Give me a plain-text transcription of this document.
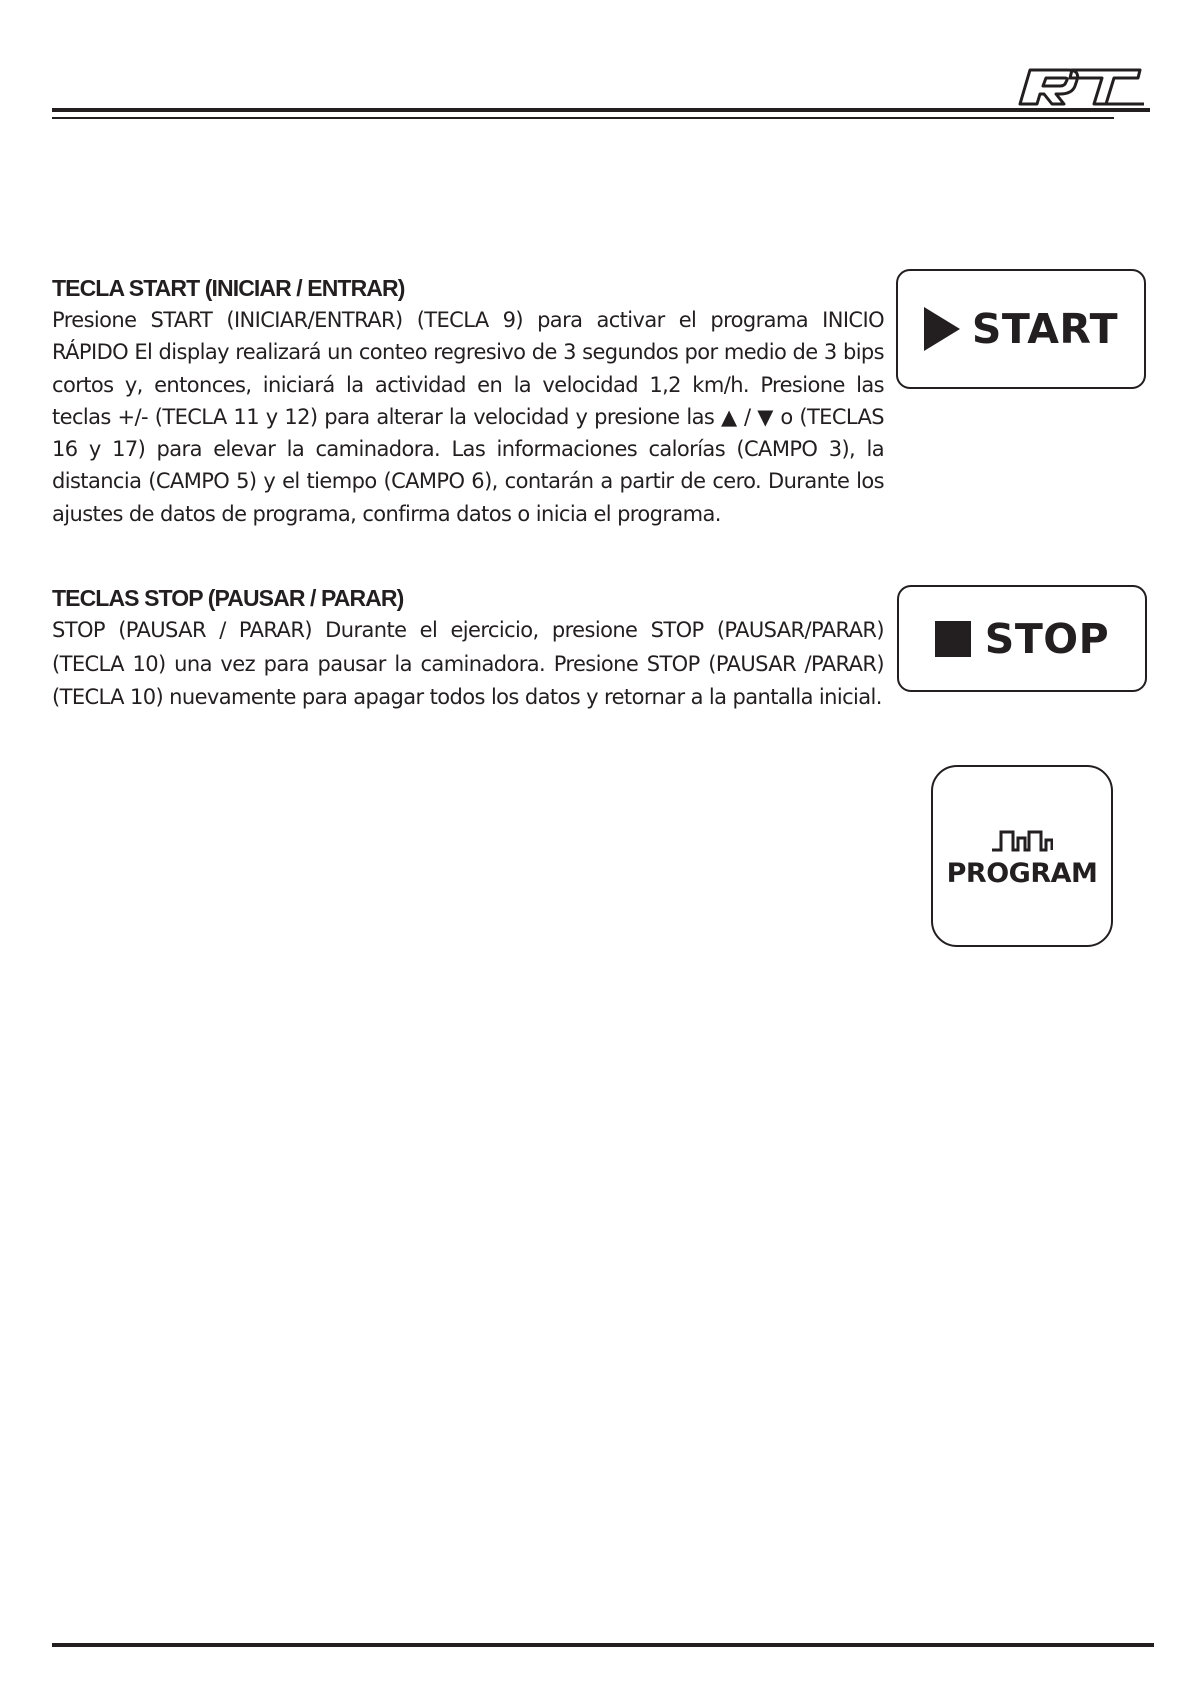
TECLA START (INICIAR / ENTRAR)

Presione START (INICIAR/ENTRAR) (TECLA 9) para activar el programa INICIO RÁPIDO El display realizará un conteo regresivo de 3 segundos por medio de 3 bips cortos y, entonces, iniciará la actividad en la velocidad 1,2 km/h. Presione las teclas +/- (TECLA 11 y 12) para alterar la velocidad y presione las ▲ / ▼ o (TECLAS 16 y 17) para elevar la caminadora. Las informaciones calorías (CAMPO 3), la distancia (CAMPO 5) y el tiempo (CAMPO 6), contarán a partir de cero. Durante los ajustes de datos de programa, confirma datos o inicia el programa.

TECLAS STOP (PAUSAR / PARAR)

STOP (PAUSAR / PARAR) Durante el ejercicio, presione STOP (PAUSAR/PARAR) (TECLA 10) una vez para pausar la caminadora. Presione STOP (PAUSAR /PARAR) (TECLA 10) nuevamente para apagar todos los datos y retornar a la pantalla inicial.

START
STOP
PROGRAM
